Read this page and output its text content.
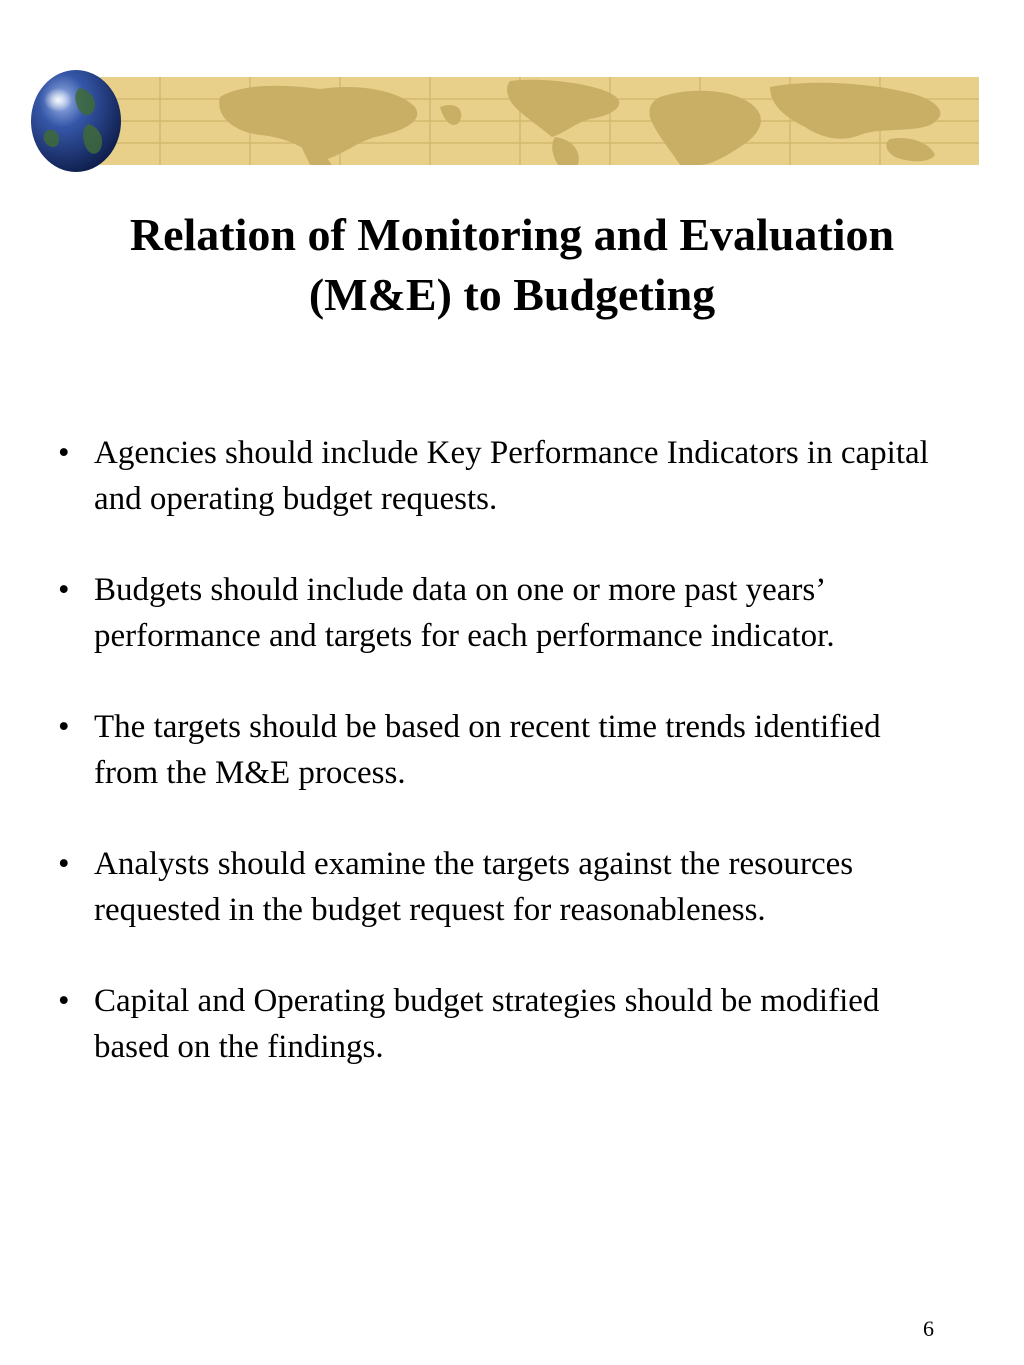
Relation of Monitoring and Evaluation
(M&E) to Budgeting
• Agencies should include Key Performance Indicators in capital and operating budget requests.
• Budgets should include data on one or more past years’ performance and targets for each performance indicator.
• The targets should be based on recent time trends identified from the M&E process.
• Analysts should examine the targets against the resources requested in the budget request for reasonableness.
• Capital and Operating budget strategies should be modified based on the findings.
6
